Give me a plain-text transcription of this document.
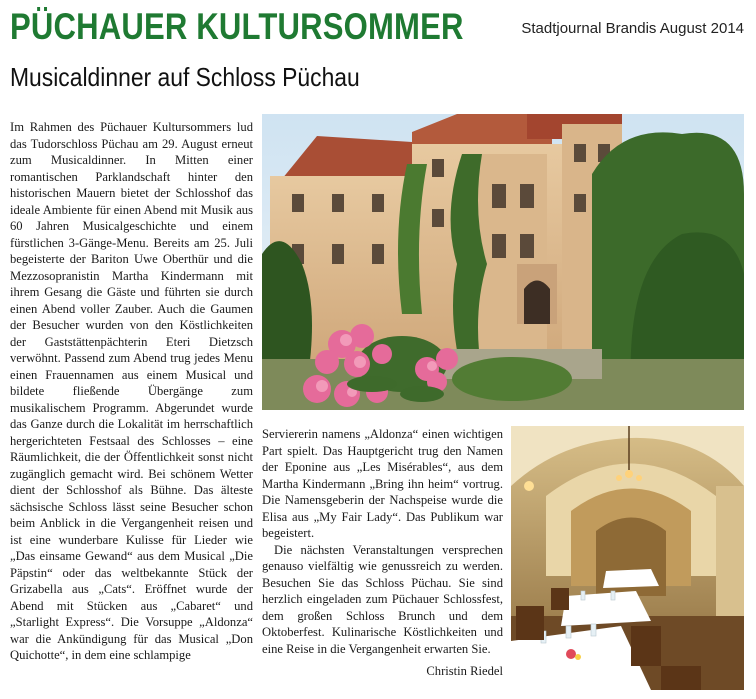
PÜCHAUER KULTURSOMMER	Stadtjournal Brandis August 2014
Musicaldinner auf Schloss Püchau

Im Rahmen des Püchauer Kultursommers lud das Tudorschloss Püchau am 29. August erneut zum Musicaldinner. In Mitten einer romantischen Parklandschaft hinter den historischen Mauern bietet der Schlosshof das ideale Ambiente für einen Abend mit Musik aus 60 Jahren Musicalgeschichte und einem fürstlichen 3-Gänge-Menu. Bereits am 25. Juli begeisterte der Bariton Uwe Oberthür und die Mezzosopranistin Martha Kindermann mit ihrem Gesang die Gäste und führten sie durch einen Abend voller Zauber. Auch die Gaumen der Besucher wurden von den Köstlichkeiten der Gaststättenpächterin Eteri Dietzsch verwöhnt. Passend zum Abend trug jedes Menu einen Frauennamen aus einem Musical und bildete fließende Übergänge zum musikalischem Programm. Abgerundet wurde das Ganze durch die Lokalität im herrschaftlich hergerichteten Festsaal des Schlosses – eine Räumlichkeit, die der Öffentlichkeit sonst nicht zugänglich gemacht wird. Bei schönem Wetter dient der Schlosshof als Bühne. Das älteste sächsische Schloss lässt seine Besucher schon beim Anblick in die Vergangenheit reisen und ist eine wunderbare Kulisse für Lieder wie „Das einsame Gewand“ aus dem Musical „Die Päpstin“ oder das weltbekannte Stück der Grizabella aus „Cats“. Eröffnet wurde der Abend mit Stücken aus „Cabaret“ und „Starlight Express“. Die Vorsuppe „Aldonza“ war die Ankündigung für das Musical „Don Quichotte“, in dem eine schlampige

Serviererin namens „Aldonza“ einen wichtigen Part spielt. Das Hauptgericht trug den Namen der Eponine aus „Les Misérables“, aus dem Martha Kindermann „Bring ihn heim“ vortrug. Die Namensgeberin der Nachspeise wurde die Elisa aus „My Fair Lady“. Das Publikum war begeistert.

Die nächsten Veranstaltungen versprechen genauso vielfältig wie genussreich zu werden. Besuchen Sie das Schloss Püchau. Sie sind herzlich eingeladen zum Püchauer Schlossfest, dem großen Schloss Brunch und dem Oktoberfest. Kulinarische Köstlichkeiten und eine Reise in die Vergangenheit erwarten Sie.

Christin Riedel
